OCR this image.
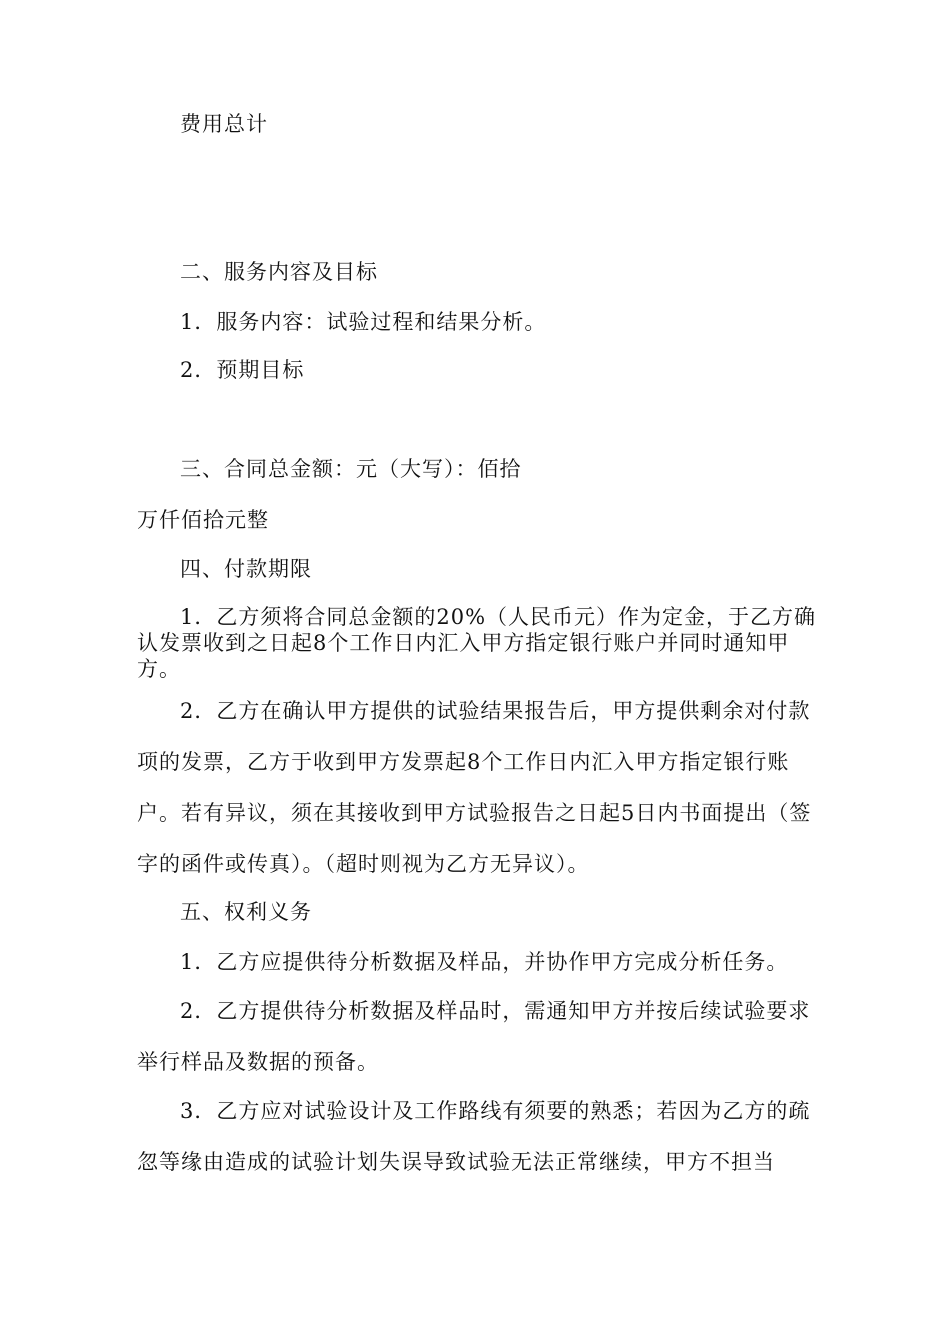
费用总计
二、服务内容及目标
1．服务内容：试验过程和结果分析。
2．预期目标
三、合同总金额：元（大写）：佰拾
万仟佰拾元整
四、付款期限
1．乙方须将合同总金额的20%（人民币元）作为定金，于乙方确认发票收到之日起8个工作日内汇入甲方指定银行账户并同时通知甲方。
2．乙方在确认甲方提供的试验结果报告后，甲方提供剩余对付款项的发票，乙方于收到甲方发票起8个工作日内汇入甲方指定银行账户。若有异议，须在其接收到甲方试验报告之日起5日内书面提出（签字的函件或传真）。（超时则视为乙方无异议）。
五、权利义务
1．乙方应提供待分析数据及样品，并协作甲方完成分析任务。
2．乙方提供待分析数据及样品时，需通知甲方并按后续试验要求举行样品及数据的预备。
3．乙方应对试验设计及工作路线有须要的熟悉；若因为乙方的疏忽等缘由造成的试验计划失误导致试验无法正常继续，甲方不担当
